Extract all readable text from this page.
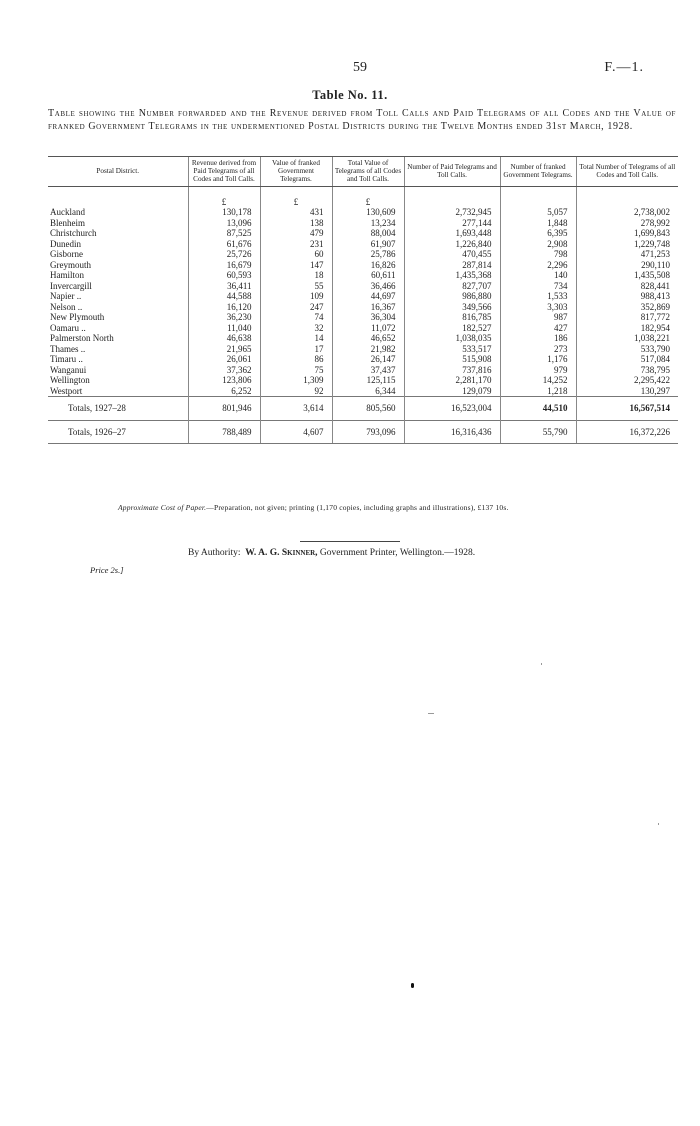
59	F.—1.
Table No. 11.
Table showing the Number forwarded and the Revenue derived from Toll Calls and Paid Telegrams of all Codes and the Value of franked Government Telegrams in the undermentioned Postal Districts during the Twelve Months ended 31st March, 1928.
Postal District.	Revenue derived from Paid Telegrams of all Codes and Toll Calls.	Value of franked Government Telegrams.	Total Value of Telegrams of all Codes and Toll Calls.	Number of Paid Telegrams and Toll Calls.	Number of franked Government Telegrams.	Total Number of Telegrams of all Codes and Toll Calls.
	£	£	£			
Auckland	130,178	431	130,609	2,732,945	5,057	2,738,002
Blenheim	13,096	138	13,234	277,144	1,848	278,992
Christchurch	87,525	479	88,004	1,693,448	6,395	1,699,843
Dunedin	61,676	231	61,907	1,226,840	2,908	1,229,748
Gisborne	25,726	60	25,786	470,455	798	471,253
Greymouth	16,679	147	16,826	287,814	2,296	290,110
Hamilton	60,593	18	60,611	1,435,368	140	1,435,508
Invercargill	36,411	55	36,466	827,707	734	828,441
Napier ..	44,588	109	44,697	986,880	1,533	988,413
Nelson ..	16,120	247	16,367	349,566	3,303	352,869
New Plymouth	36,230	74	36,304	816,785	987	817,772
Oamaru ..	11,040	32	11,072	182,527	427	182,954
Palmerston North	46,638	14	46,652	1,038,035	186	1,038,221
Thames ..	21,965	17	21,982	533,517	273	533,790
Timaru ..	26,061	86	26,147	515,908	1,176	517,084
Wanganui	37,362	75	37,437	737,816	979	738,795
Wellington	123,806	1,309	125,115	2,281,170	14,252	2,295,422
Westport	6,252	92	6,344	129,079	1,218	130,297
Totals, 1927–28	801,946	3,614	805,560	16,523,004	44,510	16,567,514
Totals, 1926–27	788,489	4,607	793,096	16,316,436	55,790	16,372,226
Approximate Cost of Paper.—Preparation, not given; printing (1,170 copies, including graphs and illustrations), £137 10s.
By Authority: W. A. G. Skinner, Government Printer, Wellington.—1928.
Price 2s.]
